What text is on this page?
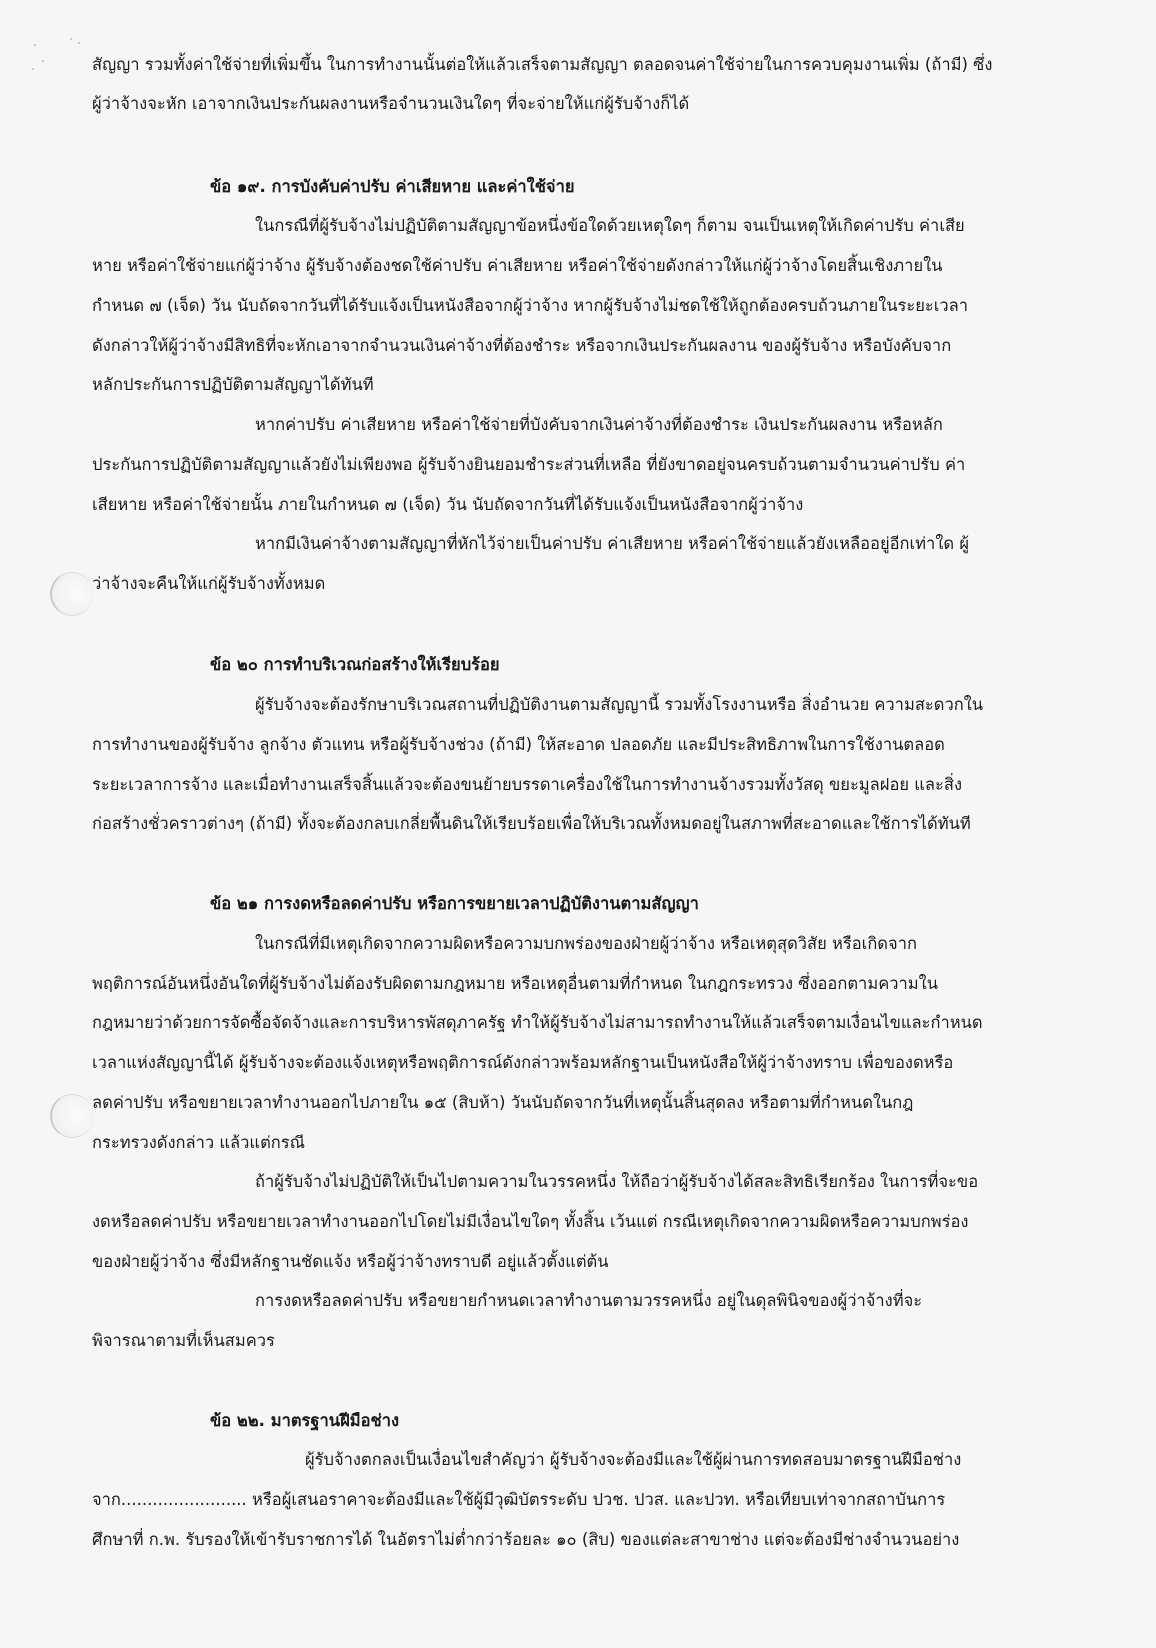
สัญญา รวมทั้งค่าใช้จ่ายที่เพิ่มขึ้น ในการทำงานนั้นต่อให้แล้วเสร็จตามสัญญา ตลอดจนค่าใช้จ่ายในการควบคุมงานเพิ่ม (ถ้ามี) ซึ่ง
ผู้ว่าจ้างจะหัก เอาจากเงินประกันผลงานหรือจำนวนเงินใดๆ ที่จะจ่ายให้แก่ผู้รับจ้างก็ได้
ข้อ ๑๙. การบังคับค่าปรับ ค่าเสียหาย และค่าใช้จ่าย
ในกรณีที่ผู้รับจ้างไม่ปฏิบัติตามสัญญาข้อหนึ่งข้อใดด้วยเหตุใดๆ ก็ตาม จนเป็นเหตุให้เกิดค่าปรับ ค่าเสีย
หาย หรือค่าใช้จ่ายแก่ผู้ว่าจ้าง ผู้รับจ้างต้องชดใช้ค่าปรับ ค่าเสียหาย หรือค่าใช้จ่ายดังกล่าวให้แก่ผู้ว่าจ้างโดยสิ้นเชิงภายใน
กำหนด ๗ (เจ็ด) วัน นับถัดจากวันที่ได้รับแจ้งเป็นหนังสือจากผู้ว่าจ้าง หากผู้รับจ้างไม่ชดใช้ให้ถูกต้องครบถ้วนภายในระยะเวลา
ดังกล่าวให้ผู้ว่าจ้างมีสิทธิที่จะหักเอาจากจำนวนเงินค่าจ้างที่ต้องชำระ หรือจากเงินประกันผลงาน ของผู้รับจ้าง หรือบังคับจาก
หลักประกันการปฏิบัติตามสัญญาได้ทันที
หากค่าปรับ ค่าเสียหาย หรือค่าใช้จ่ายที่บังคับจากเงินค่าจ้างที่ต้องชำระ เงินประกันผลงาน หรือหลัก
ประกันการปฏิบัติตามสัญญาแล้วยังไม่เพียงพอ ผู้รับจ้างยินยอมชำระส่วนที่เหลือ ที่ยังขาดอยู่จนครบถ้วนตามจำนวนค่าปรับ ค่า
เสียหาย หรือค่าใช้จ่ายนั้น ภายในกำหนด ๗ (เจ็ด) วัน นับถัดจากวันที่ได้รับแจ้งเป็นหนังสือจากผู้ว่าจ้าง
หากมีเงินค่าจ้างตามสัญญาที่หักไว้จ่ายเป็นค่าปรับ ค่าเสียหาย หรือค่าใช้จ่ายแล้วยังเหลืออยู่อีกเท่าใด ผู้
ว่าจ้างจะคืนให้แก่ผู้รับจ้างทั้งหมด
ข้อ ๒๐ การทำบริเวณก่อสร้างให้เรียบร้อย
ผู้รับจ้างจะต้องรักษาบริเวณสถานที่ปฏิบัติงานตามสัญญานี้ รวมทั้งโรงงานหรือ สิ่งอำนวย ความสะดวกใน
การทำงานของผู้รับจ้าง ลูกจ้าง ตัวแทน หรือผู้รับจ้างช่วง (ถ้ามี) ให้สะอาด ปลอดภัย และมีประสิทธิภาพในการใช้งานตลอด
ระยะเวลาการจ้าง และเมื่อทำงานเสร็จสิ้นแล้วจะต้องขนย้ายบรรดาเครื่องใช้ในการทำงานจ้างรวมทั้งวัสดุ ขยะมูลฝอย และสิ่ง
ก่อสร้างชั่วคราวต่างๆ (ถ้ามี) ทั้งจะต้องกลบเกลี่ยพื้นดินให้เรียบร้อยเพื่อให้บริเวณทั้งหมดอยู่ในสภาพที่สะอาดและใช้การได้ทันที
ข้อ ๒๑ การงดหรือลดค่าปรับ หรือการขยายเวลาปฏิบัติงานตามสัญญา
ในกรณีที่มีเหตุเกิดจากความผิดหรือความบกพร่องของฝ่ายผู้ว่าจ้าง หรือเหตุสุดวิสัย หรือเกิดจาก
พฤติการณ์อันหนึ่งอันใดที่ผู้รับจ้างไม่ต้องรับผิดตามกฎหมาย หรือเหตุอื่นตามที่กำหนด ในกฎกระทรวง ซึ่งออกตามความใน
กฎหมายว่าด้วยการจัดซื้อจัดจ้างและการบริหารพัสดุภาครัฐ ทำให้ผู้รับจ้างไม่สามารถทำงานให้แล้วเสร็จตามเงื่อนไขและกำหนด
เวลาแห่งสัญญานี้ได้ ผู้รับจ้างจะต้องแจ้งเหตุหรือพฤติการณ์ดังกล่าวพร้อมหลักฐานเป็นหนังสือให้ผู้ว่าจ้างทราบ เพื่อของดหรือ
ลดค่าปรับ หรือขยายเวลาทำงานออกไปภายใน ๑๕ (สิบห้า) วันนับถัดจากวันที่เหตุนั้นสิ้นสุดลง หรือตามที่กำหนดในกฎ
กระทรวงดังกล่าว แล้วแต่กรณี
ถ้าผู้รับจ้างไม่ปฏิบัติให้เป็นไปตามความในวรรคหนึ่ง ให้ถือว่าผู้รับจ้างได้สละสิทธิเรียกร้อง ในการที่จะขอ
งดหรือลดค่าปรับ หรือขยายเวลาทำงานออกไปโดยไม่มีเงื่อนไขใดๆ ทั้งสิ้น เว้นแต่ กรณีเหตุเกิดจากความผิดหรือความบกพร่อง
ของฝ่ายผู้ว่าจ้าง ซึ่งมีหลักฐานชัดแจ้ง หรือผู้ว่าจ้างทราบดี อยู่แล้วตั้งแต่ต้น
การงดหรือลดค่าปรับ หรือขยายกำหนดเวลาทำงานตามวรรคหนึ่ง อยู่ในดุลพินิจของผู้ว่าจ้างที่จะ
พิจารณาตามที่เห็นสมควร
ข้อ ๒๒. มาตรฐานฝีมือช่าง
ผู้รับจ้างตกลงเป็นเงื่อนไขสำคัญว่า ผู้รับจ้างจะต้องมีและใช้ผู้ผ่านการทดสอบมาตรฐานฝีมือช่าง
จาก........................ หรือผู้เสนอราคาจะต้องมีและใช้ผู้มีวุฒิบัตรระดับ ปวช. ปวส. และปวท. หรือเทียบเท่าจากสถาบันการ
ศึกษาที่ ก.พ. รับรองให้เข้ารับราชการได้ ในอัตราไม่ต่ำกว่าร้อยละ ๑๐ (สิบ) ของแต่ละสาขาช่าง แต่จะต้องมีช่างจำนวนอย่าง
